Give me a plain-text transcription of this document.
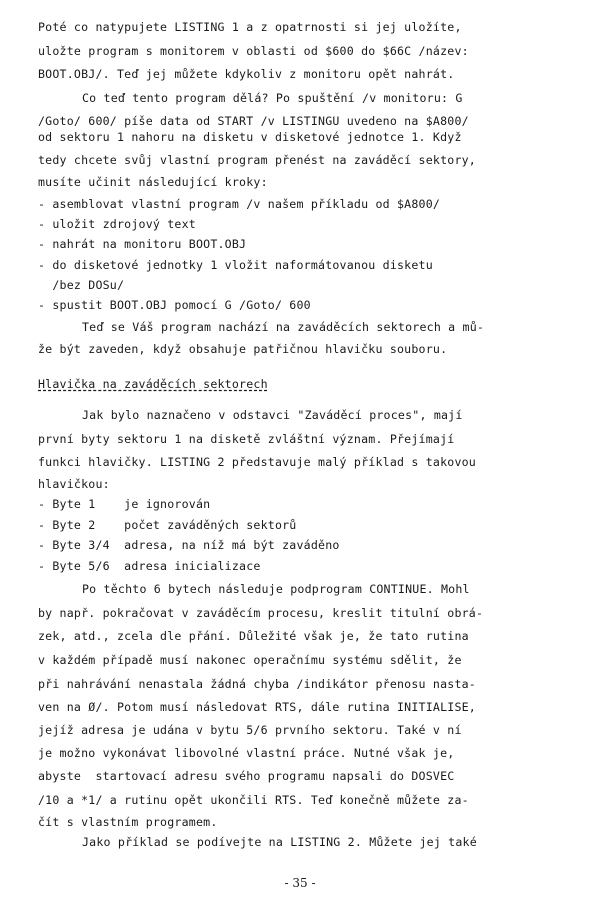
Poté co natypujete LISTING 1 a z opatrnosti si jej uložíte,
uložte program s monitorem v oblasti od $600 do $66C /název:
BOOT.OBJ/. Teď jej můžete kdykoliv z monitoru opět nahrát.
Co teď tento program dělá? Po spuštění /v monitoru: G
/Goto/ 600/ píše data od START /v LISTINGU uvedeno na $A800/
od sektoru 1 nahoru na disketu v disketové jednotce 1. Když
tedy chcete svůj vlastní program přenést na zaváděcí sektory,
musíte učinit následující kroky:
- asemblovat vlastní program /v našem příkladu od $A800/
- uložit zdrojový text
- nahrát na monitoru BOOT.OBJ
- do disketové jednotky 1 vložit naformátovanou disketu
/bez DOSu/
- spustit BOOT.OBJ pomocí G /Goto/ 600
Teď se Váš program nachází na zaváděcích sektorech a mů-
že být zaveden, když obsahuje patřičnou hlavičku souboru.
Hlavička na zaváděcích sektorech
Jak bylo naznačeno v odstavci "Zaváděcí proces", mají
první byty sektoru 1 na disketě zvláštní význam. Přejímají
funkci hlavičky. LISTING 2 představuje malý příklad s takovou
hlavičkou:
- Byte 1    je ignorován
- Byte 2    počet zaváděných sektorů
- Byte 3/4  adresa, na níž má být zaváděno
- Byte 5/6  adresa inicializace
Po těchto 6 bytech následuje podprogram CONTINUE. Mohl
by např. pokračovat v zaváděcím procesu, kreslit titulní obrá-
zek, atd., zcela dle přání. Důležité však je, že tato rutina
v každém případě musí nakonec operačnímu systému sdělit, že
při nahrávání nenastala žádná chyba /indikátor přenosu nasta-
ven na Ø/. Potom musí následovat RTS, dále rutina INITIALISE,
jejíž adresa je udána v bytu 5/6 prvního sektoru. Také v ní
je možno vykonávat libovolné vlastní práce. Nutné však je,
abyste  startovací adresu svého programu napsali do DOSVEC
/10 a *1/ a rutinu opět ukončili RTS. Teď konečně můžete za-
čít s vlastním programem.
Jako příklad se podívejte na LISTING 2. Můžete jej také
- 35 -
